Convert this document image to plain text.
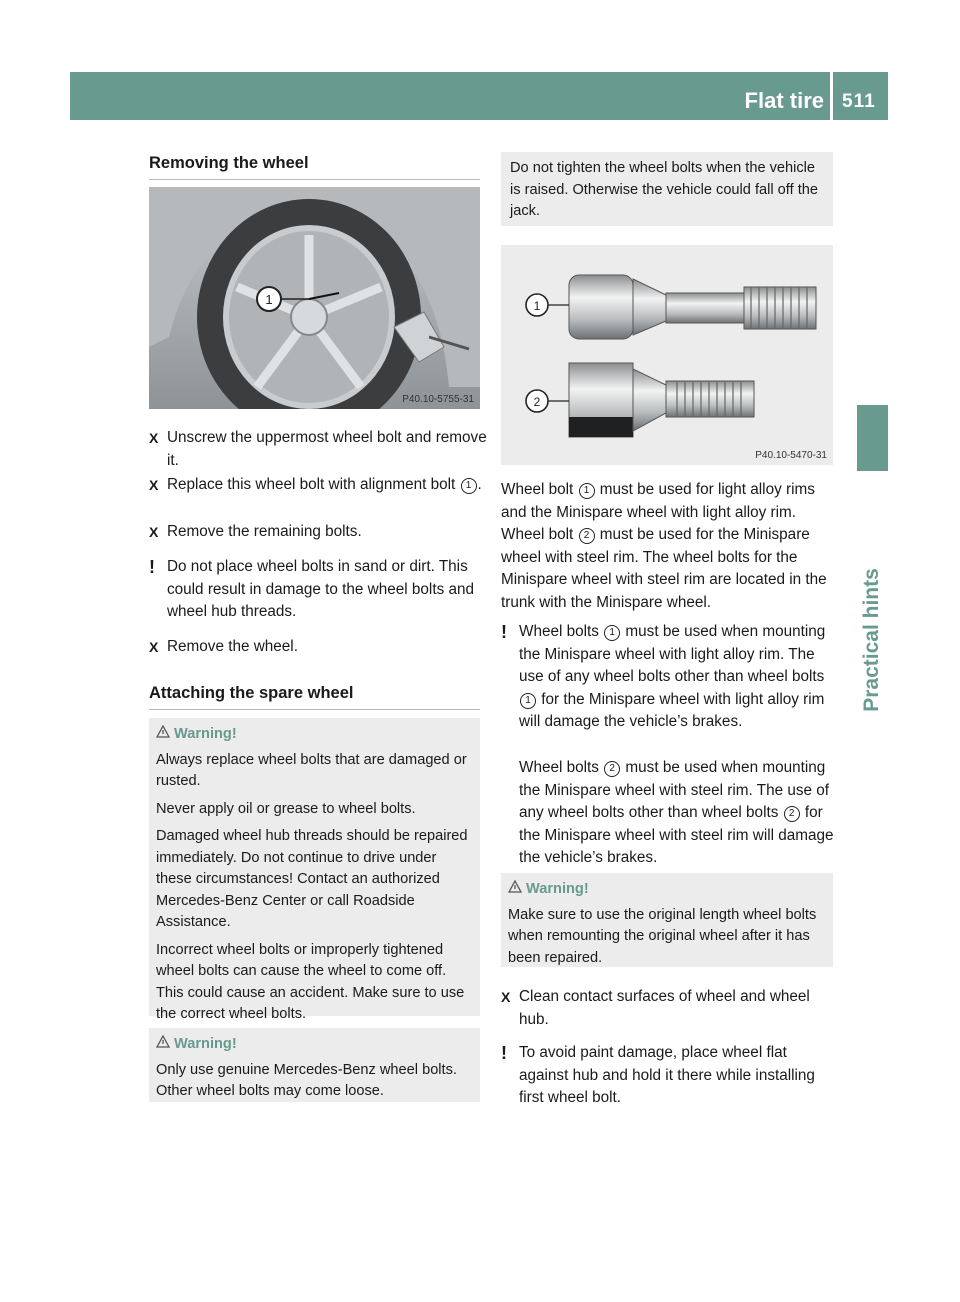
Flat tire 511
Practical hints
Removing the wheel
1
P40.10-5755-31
X Unscrew the uppermost wheel bolt and remove it.
X Replace this wheel bolt with alignment bolt 1 .
X Remove the remaining bolts.
! Do not place wheel bolts in sand or dirt. This could result in damage to the wheel bolts and wheel hub threads.
X Remove the wheel.
Attaching the spare wheel
Warning!

Always replace wheel bolts that are damaged or rusted.

Never apply oil or grease to wheel bolts.

Damaged wheel hub threads should be repaired immediately. Do not continue to drive under these circumstances! Contact an authorized Mercedes-Benz Center or call Roadside Assistance.

Incorrect wheel bolts or improperly tightened wheel bolts can cause the wheel to come off. This could cause an accident. Make sure to use the correct wheel bolts.

Warning!

Only use genuine Mercedes-Benz wheel bolts. Other wheel bolts may come loose.

Do not tighten the wheel bolts when the vehicle is raised. Otherwise the vehicle could fall off the jack.

1
2
P40.10-5470-31

Wheel bolt 1 must be used for light alloy rims and the Minispare wheel with light alloy rim. Wheel bolt 2 must be used for the Minispare wheel with steel rim. The wheel bolts for the Minispare wheel with steel rim are located in the trunk with the Minispare wheel.

! Wheel bolts 1 must be used when mounting the Minispare wheel with light alloy rim. The use of any wheel bolts other than wheel bolts 1 for the Minispare wheel with light alloy rim will damage the vehicle’s brakes.
Wheel bolts 2 must be used when mounting the Minispare wheel with steel rim. The use of any wheel bolts other than wheel bolts 2 for the Minispare wheel with steel rim will damage the vehicle’s brakes.
Warning!

Make sure to use the original length wheel bolts when remounting the original wheel after it has been repaired.

X Clean contact surfaces of wheel and wheel hub.
! To avoid paint damage, place wheel flat against hub and hold it there while installing first wheel bolt.
